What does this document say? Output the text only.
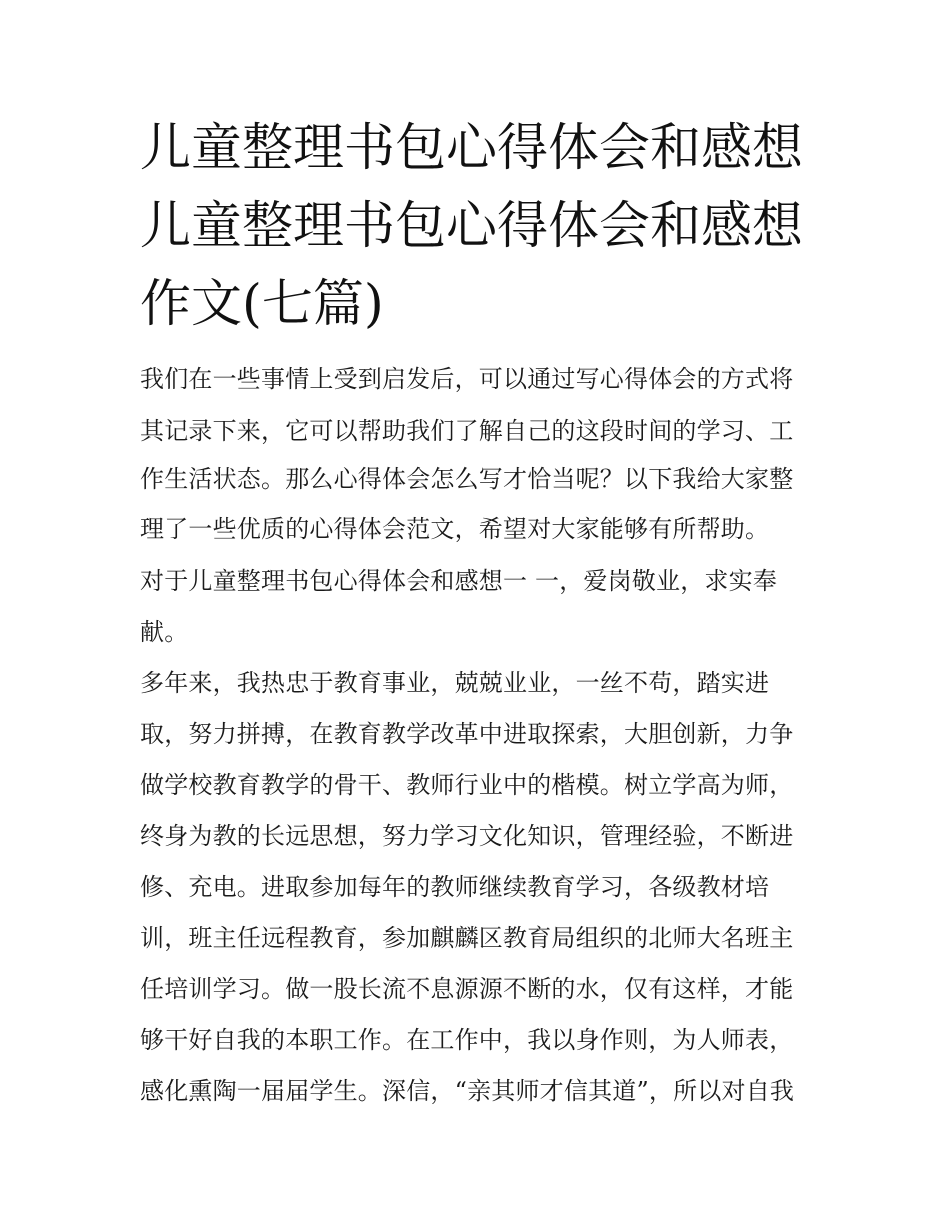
儿童整理书包心得体会和感想
儿童整理书包心得体会和感想
作文(七篇)

我们在一些事情上受到启发后，可以通过写心得体会的方式将

其记录下来，它可以帮助我们了解自己的这段时间的学习、工

作生活状态。那么心得体会怎么写才恰当呢？以下我给大家整

理了一些优质的心得体会范文，希望对大家能够有所帮助。

对于儿童整理书包心得体会和感想一 一，爱岗敬业，求实奉

献。

多年来，我热忠于教育事业，兢兢业业，一丝不苟，踏实进

取，努力拼搏，在教育教学改革中进取探索，大胆创新，力争

做学校教育教学的骨干、教师行业中的楷模。树立学高为师，

终身为教的长远思想，努力学习文化知识，管理经验，不断进

修、充电。进取参加每年的教师继续教育学习，各级教材培

训，班主任远程教育，参加麒麟区教育局组织的北师大名班主

任培训学习。做一股长流不息源源不断的水，仅有这样，才能

够干好自我的本职工作。在工作中，我以身作则，为人师表，

感化熏陶一届届学生。深信，“亲其师才信其道”，所以对自我
